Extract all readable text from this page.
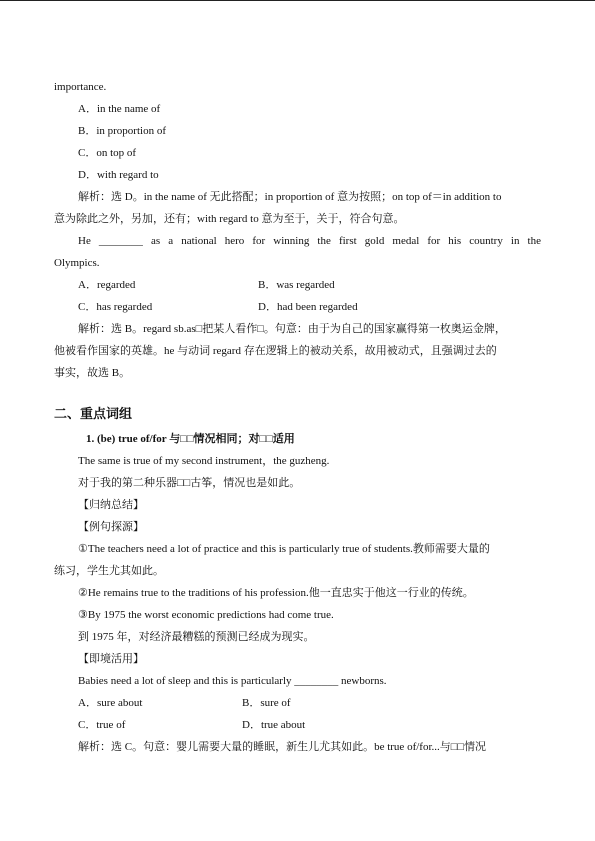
importance.
A．in the name of
B．in proportion of
C．on top of
D．with regard to
解析：选 D。in the name of 无此搭配；in proportion of 意为按照；on top of＝in addition to
意为除此之外，另加，还有；with regard to 意为至于，关于，符合句意。
He ________ as a national hero for winning the first gold medal for his country in the
Olympics.
A．regarded	B．was regarded
C．has regarded	D．had been regarded
解析：选 B。regard sb.as□把某人看作□。句意：由于为自己的国家赢得第一枚奥运金牌，
他被看作国家的英雄。he 与动词 regard 存在逻辑上的被动关系，故用被动式，且强调过去的
事实，故选 B。
二、重点词组
1. (be) true of/for 与□□情况相同；对□□适用
The same is true of my second instrument，the guzheng.
对于我的第二种乐器□□古筝，情况也是如此。
【归纳总结】
【例句探源】
①The teachers need a lot of practice and this is particularly true of students.教师需要大量的
练习，学生尤其如此。
②He remains true to the traditions of his profession.他一直忠实于他这一行业的传统。
③By 1975 the worst economic predictions had come true.
到 1975 年，对经济最糟糕的预测已经成为现实。
【即境活用】
Babies need a lot of sleep and this is particularly ________ newborns.
A．sure about	B．sure of
C．true of	D．true about
解析：选 C。句意：婴儿需要大量的睡眠，新生儿尤其如此。be true of/for...与□□情况
